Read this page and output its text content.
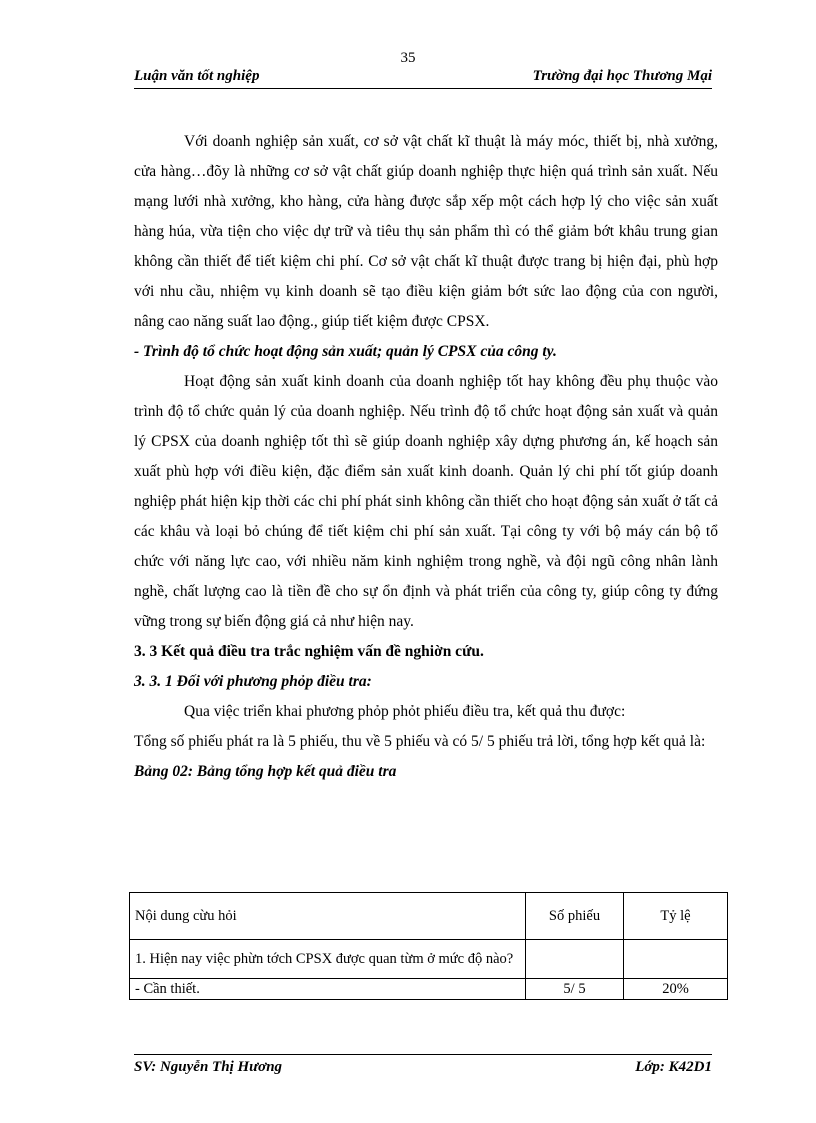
35
Luận văn tốt nghiệp	Trường đại học Thương Mại

Với doanh nghiệp sản xuất, cơ sở vật chất kĩ thuật là máy móc, thiết bị, nhà xưởng, cửa hàng…đõy là những cơ sở vật chất giúp doanh nghiệp thực hiện quá trình sản xuất. Nếu mạng lưới nhà xưởng, kho hàng, cửa hàng được sắp xếp một cách hợp lý cho việc sản xuất hàng húa, vừa tiện cho việc dự trữ và tiêu thụ sản phẩm thì có thể giảm bớt khâu trung gian không cần thiết để tiết kiệm chi phí. Cơ sở vật chất kĩ thuật được trang bị hiện đại, phù hợp với nhu cầu, nhiệm vụ kinh doanh sẽ tạo điều kiện giảm bớt sức lao động của con người, nâng cao năng suất lao động., giúp tiết kiệm được CPSX.

- Trình độ tổ chức hoạt động sản xuất; quản lý CPSX của công ty.

Hoạt động sản xuất kinh doanh của doanh nghiệp tốt hay không đều phụ thuộc vào trình độ tổ chức quản lý của doanh nghiệp. Nếu trình độ tổ chức hoạt động sản xuất và quản lý CPSX của doanh nghiệp tốt thì sẽ giúp doanh nghiệp xây dựng phương án, kế hoạch sản xuất phù hợp với điều kiện, đặc điểm sản xuất kinh doanh. Quản lý chi phí tốt giúp doanh nghiệp phát hiện kịp thời các chi phí phát sinh không cần thiết cho hoạt động sản xuất ở tất cả các khâu và loại bỏ chúng để tiết kiệm chi phí sản xuất. Tại công ty với bộ máy cán bộ tổ chức với năng lực cao, với nhiều năm kinh nghiệm trong nghề, và đội ngũ công nhân lành nghề, chất lượng cao là tiền đề cho sự ổn định và phát triển của công ty, giúp công ty đứng vững trong sự biến động giá cả như hiện nay.

3. 3 Kết quả điều tra trắc nghiệm vấn đề nghiờn cứu.

3. 3. 1 Đối với phương phỏp điều tra:

Qua việc triển khai phương phỏp phỏt phiếu điều tra, kết quả thu được:

Tổng số phiếu phát ra là 5 phiếu, thu về 5 phiếu và có 5/ 5 phiếu trả lời, tổng hợp kết quả là:

Bảng 02: Bảng tổng hợp kết quả điều tra

Nội dung cừu hỏi	Số phiếu	Tỷ lệ
1. Hiện nay việc phừn tớch CPSX được quan từm ở mức độ nào?		
- Cần thiết.	5/ 5	20%
SV: Nguyễn Thị Hương	Lớp: K42D1
